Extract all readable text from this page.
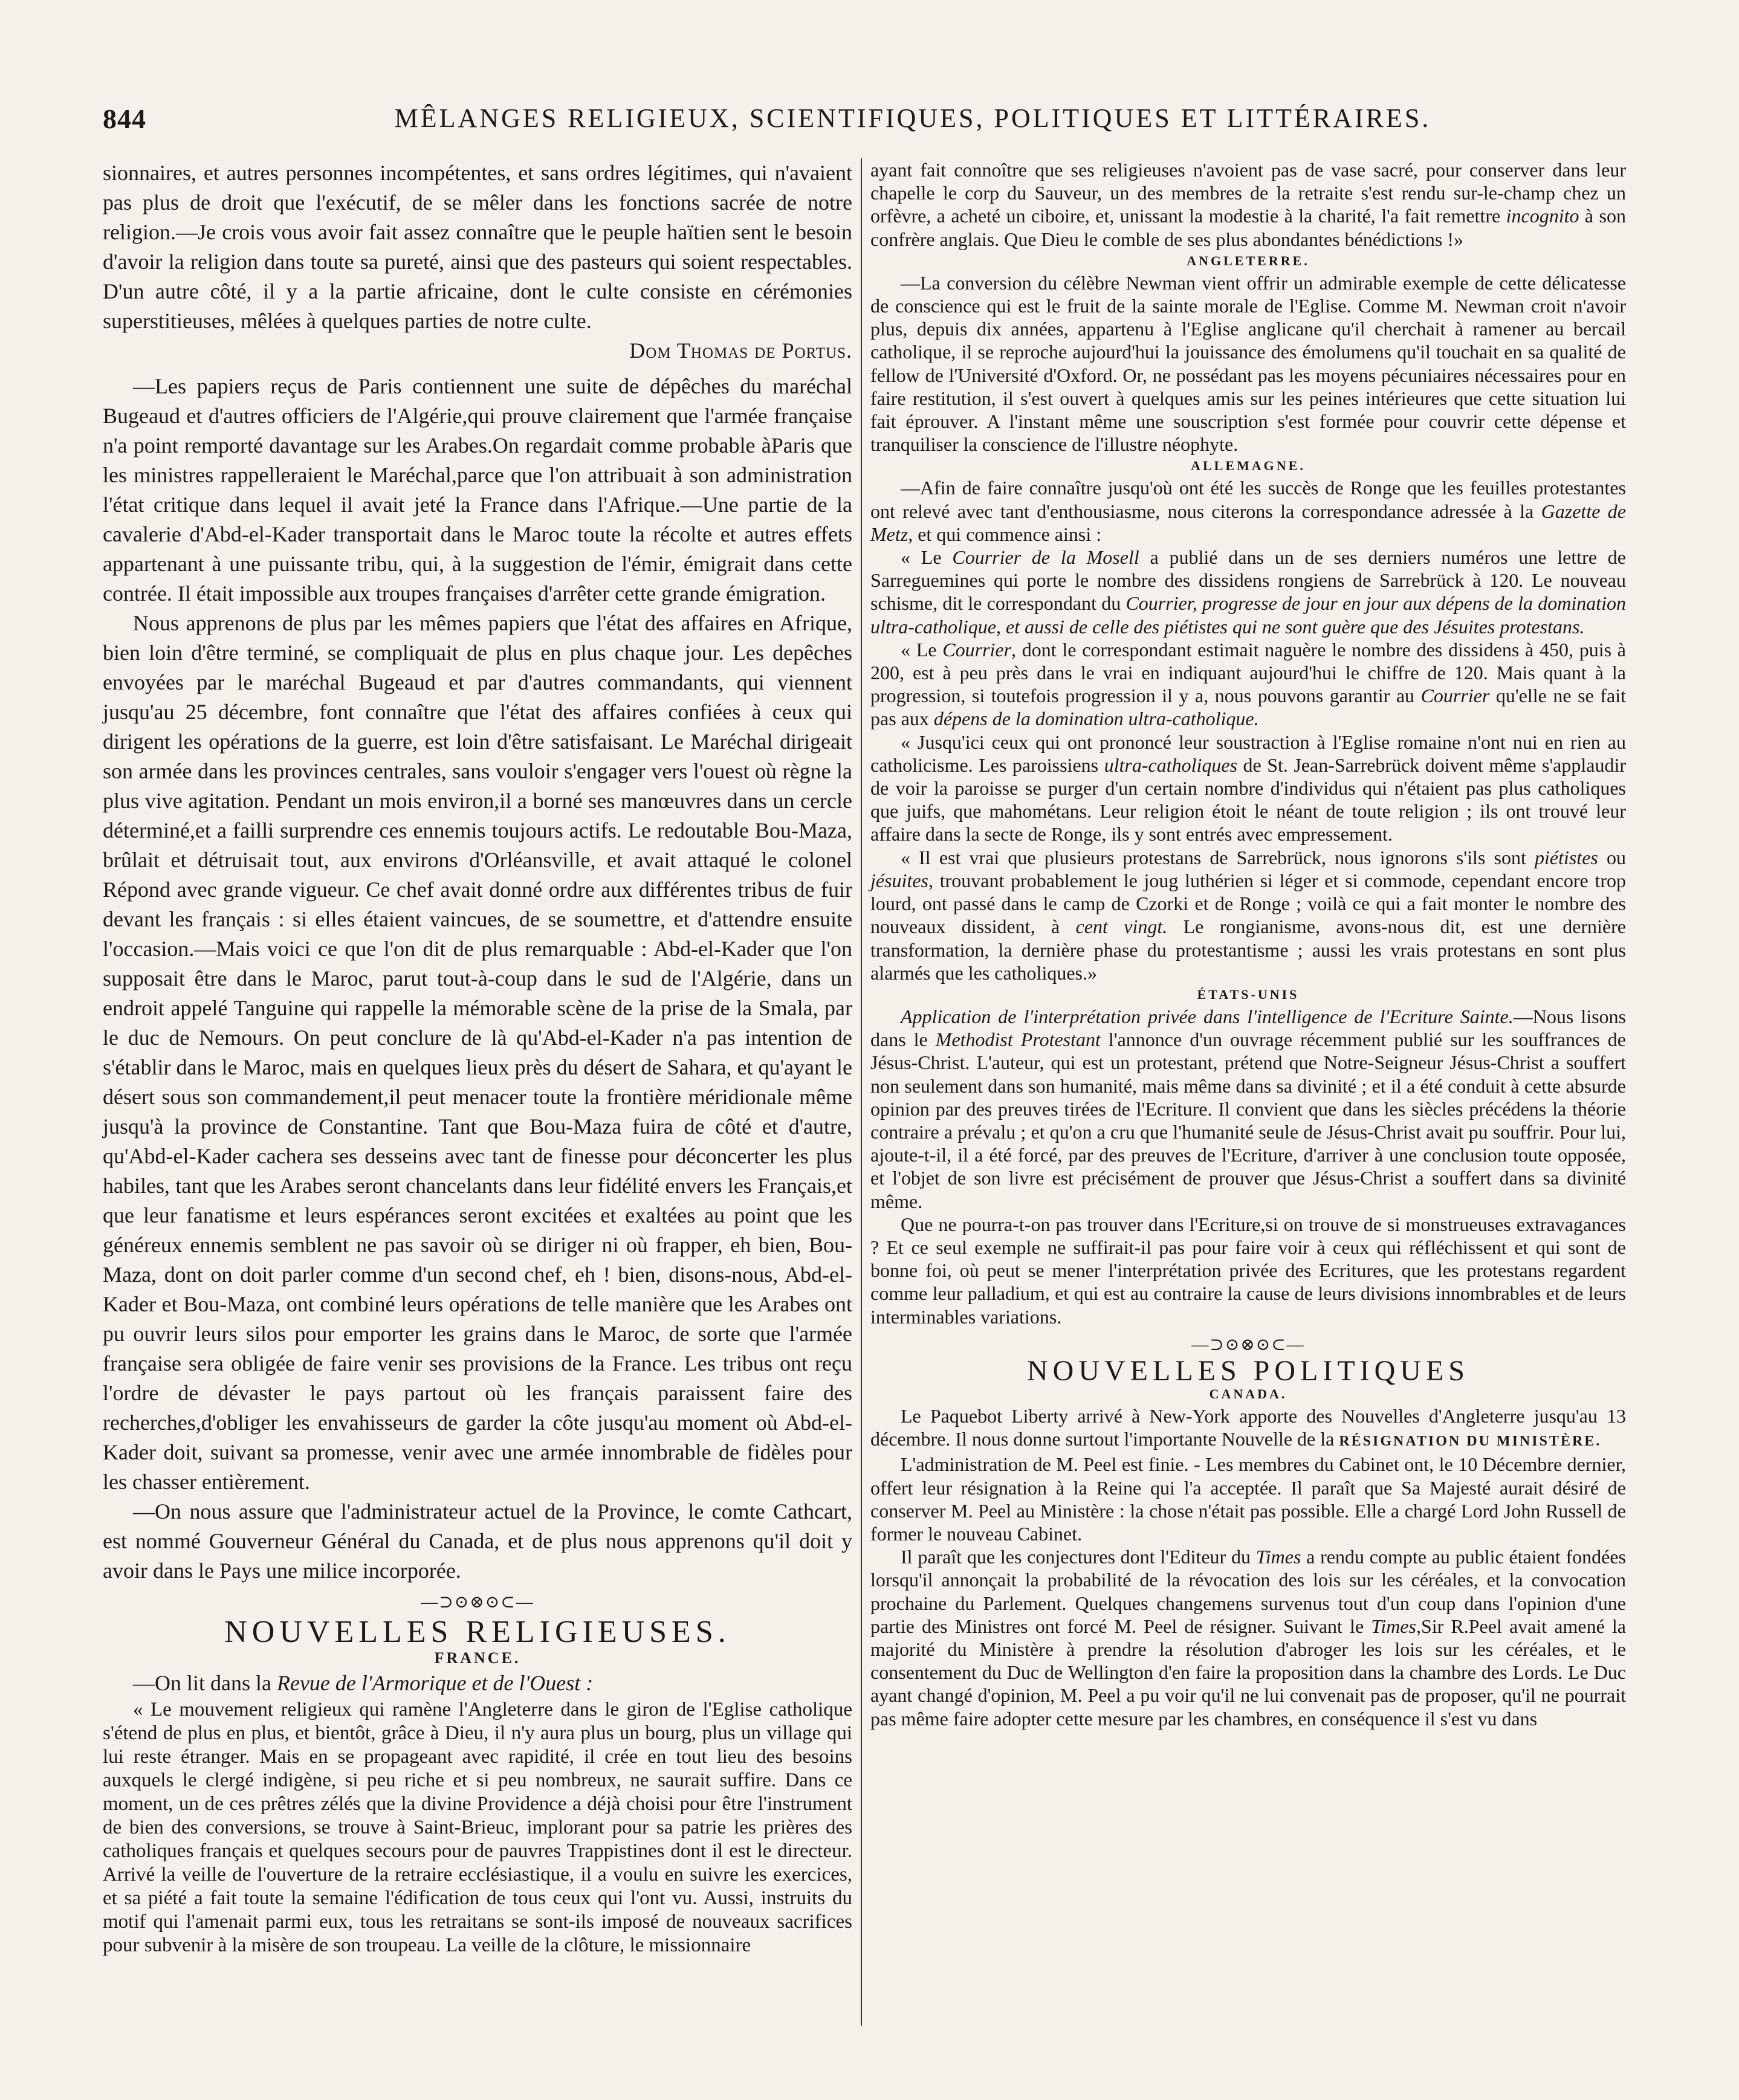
844	MÊLANGES RELIGIEUX, SCIENTIFIQUES, POLITIQUES ET LITTÉRAIRES.

sionnaires, et autres personnes incompétentes, et sans ordres légitimes, qui n'avaient pas plus de droit que l'exécutif, de se mêler dans les fonctions sacrée de notre religion.—Je crois vous avoir fait assez connaître que le peuple haïtien sent le besoin d'avoir la religion dans toute sa pureté, ainsi que des pasteurs qui soient respectables. D'un autre côté, il y a la partie africaine, dont le culte consiste en cérémonies superstitieuses, mêlées à quelques parties de notre culte.

Dom Thomas de Portus.

—Les papiers reçus de Paris contiennent une suite de dépêches du maréchal Bugeaud et d'autres officiers de l'Algérie,qui prouve clairement que l'armée française n'a point remporté davantage sur les Arabes.On regardait comme probable àParis que les ministres rappelleraient le Maréchal,parce que l'on attribuait à son administration l'état critique dans lequel il avait jeté la France dans l'Afrique.—Une partie de la cavalerie d'Abd-el-Kader transportait dans le Maroc toute la récolte et autres effets appartenant à une puissante tribu, qui, à la suggestion de l'émir, émigrait dans cette contrée. Il était impossible aux troupes françaises d'arrêter cette grande émigration.

Nous apprenons de plus par les mêmes papiers que l'état des affaires en Afrique, bien loin d'être terminé, se compliquait de plus en plus chaque jour. Les depêches envoyées par le maréchal Bugeaud et par d'autres commandants, qui viennent jusqu'au 25 décembre, font connaître que l'état des affaires confiées à ceux qui dirigent les opérations de la guerre, est loin d'être satisfaisant. Le Maréchal dirigeait son armée dans les provinces centrales, sans vouloir s'engager vers l'ouest où règne la plus vive agitation. Pendant un mois environ,il a borné ses manœuvres dans un cercle déterminé,et a failli surprendre ces ennemis toujours actifs. Le redoutable Bou-Maza, brûlait et détruisait tout, aux environs d'Orléansville, et avait attaqué le colonel Répond avec grande vigueur. Ce chef avait donné ordre aux différentes tribus de fuir devant les français : si elles étaient vaincues, de se soumettre, et d'attendre ensuite l'occasion.—Mais voici ce que l'on dit de plus remarquable : Abd-el-Kader que l'on supposait être dans le Maroc, parut tout-à-coup dans le sud de l'Algérie, dans un endroit appelé Tanguine qui rappelle la mémorable scène de la prise de la Smala, par le duc de Nemours. On peut conclure de là qu'Abd-el-Kader n'a pas intention de s'établir dans le Maroc, mais en quelques lieux près du désert de Sahara, et qu'ayant le désert sous son commandement,il peut menacer toute la frontière méridionale même jusqu'à la province de Constantine. Tant que Bou-Maza fuira de côté et d'autre, qu'Abd-el-Kader cachera ses desseins avec tant de finesse pour déconcerter les plus habiles, tant que les Arabes seront chancelants dans leur fidélité envers les Français,et que leur fanatisme et leurs espérances seront excitées et exaltées au point que les généreux ennemis semblent ne pas savoir où se diriger ni où frapper, eh bien, Bou-Maza, dont on doit parler comme d'un second chef, eh ! bien, disons-nous, Abd-el-Kader et Bou-Maza, ont combiné leurs opérations de telle manière que les Arabes ont pu ouvrir leurs silos pour emporter les grains dans le Maroc, de sorte que l'armée française sera obligée de faire venir ses provisions de la France. Les tribus ont reçu l'ordre de dévaster le pays partout où les français paraissent faire des recherches,d'obliger les envahisseurs de garder la côte jusqu'au moment où Abd-el-Kader doit, suivant sa promesse, venir avec une armée innombrable de fidèles pour les chasser entièrement.

—On nous assure que l'administrateur actuel de la Province, le comte Cathcart, est nommé Gouverneur Général du Canada, et de plus nous apprenons qu'il doit y avoir dans le Pays une milice incorporée.

—⊃⊙⊗⊙⊂—
NOUVELLES RELIGIEUSES.
FRANCE.

—On lit dans la Revue de l'Armorique et de l'Ouest :

« Le mouvement religieux qui ramène l'Angleterre dans le giron de l'Eglise catholique s'étend de plus en plus, et bientôt, grâce à Dieu, il n'y aura plus un bourg, plus un village qui lui reste étranger. Mais en se propageant avec rapidité, il crée en tout lieu des besoins auxquels le clergé indigène, si peu riche et si peu nombreux, ne saurait suffire. Dans ce moment, un de ces prêtres zélés que la divine Providence a déjà choisi pour être l'instrument de bien des conversions, se trouve à Saint-Brieuc, implorant pour sa patrie les prières des catholiques français et quelques secours pour de pauvres Trappistines dont il est le directeur. Arrivé la veille de l'ouverture de la retraire ecclésiastique, il a voulu en suivre les exercices, et sa piété a fait toute la semaine l'édification de tous ceux qui l'ont vu. Aussi, instruits du motif qui l'amenait parmi eux, tous les retraitans se sont-ils imposé de nouveaux sacrifices pour subvenir à la misère de son troupeau. La veille de la clôture, le missionnaire

ayant fait connoître que ses religieuses n'avoient pas de vase sacré, pour conserver dans leur chapelle le corp du Sauveur, un des membres de la retraite s'est rendu sur-le-champ chez un orfèvre, a acheté un ciboire, et, unissant la modestie à la charité, l'a fait remettre incognito à son confrère anglais. Que Dieu le comble de ses plus abondantes bénédictions !»

ANGLETERRE.

—La conversion du célèbre Newman vient offrir un admirable exemple de cette délicatesse de conscience qui est le fruit de la sainte morale de l'Eglise. Comme M. Newman croit n'avoir plus, depuis dix années, appartenu à l'Eglise anglicane qu'il cherchait à ramener au bercail catholique, il se reproche aujourd'hui la jouissance des émolumens qu'il touchait en sa qualité de fellow de l'Université d'Oxford. Or, ne possédant pas les moyens pécuniaires nécessaires pour en faire restitution, il s'est ouvert à quelques amis sur les peines intérieures que cette situation lui fait éprouver. A l'instant même une souscription s'est formée pour couvrir cette dépense et tranquiliser la conscience de l'illustre néophyte.

ALLEMAGNE.

—Afin de faire connaître jusqu'où ont été les succès de Ronge que les feuilles protestantes ont relevé avec tant d'enthousiasme, nous citerons la correspondance adressée à la Gazette de Metz, et qui commence ainsi :

« Le Courrier de la Mosell a publié dans un de ses derniers numéros une lettre de Sarreguemines qui porte le nombre des dissidens rongiens de Sarrebrück à 120. Le nouveau schisme, dit le correspondant du Courrier, progresse de jour en jour aux dépens de la domination ultra-catholique, et aussi de celle des piétistes qui ne sont guère que des Jésuites protestans.

« Le Courrier, dont le correspondant estimait naguère le nombre des dissidens à 450, puis à 200, est à peu près dans le vrai en indiquant aujourd'hui le chiffre de 120. Mais quant à la progression, si toutefois progression il y a, nous pouvons garantir au Courrier qu'elle ne se fait pas aux dépens de la domination ultra-catholique.

« Jusqu'ici ceux qui ont prononcé leur soustraction à l'Eglise romaine n'ont nui en rien au catholicisme. Les paroissiens ultra-catholiques de St. Jean-Sarrebrück doivent même s'applaudir de voir la paroisse se purger d'un certain nombre d'individus qui n'étaient pas plus catholiques que juifs, que mahométans. Leur religion étoit le néant de toute religion ; ils ont trouvé leur affaire dans la secte de Ronge, ils y sont entrés avec empressement.

« Il est vrai que plusieurs protestans de Sarrebrück, nous ignorons s'ils sont piétistes ou jésuites, trouvant probablement le joug luthérien si léger et si commode, cependant encore trop lourd, ont passé dans le camp de Czorki et de Ronge ; voilà ce qui a fait monter le nombre des nouveaux dissident, à cent vingt. Le rongianisme, avons-nous dit, est une dernière transformation, la dernière phase du protestantisme ; aussi les vrais protestans en sont plus alarmés que les catholiques.»

ÉTATS-UNIS

Application de l'interprétation privée dans l'intelligence de l'Ecriture Sainte.—Nous lisons dans le Methodist Protestant l'annonce d'un ouvrage récemment publié sur les souffrances de Jésus-Christ. L'auteur, qui est un protestant, prétend que Notre-Seigneur Jésus-Christ a souffert non seulement dans son humanité, mais même dans sa divinité ; et il a été conduit à cette absurde opinion par des preuves tirées de l'Ecriture. Il convient que dans les siècles précédens la théorie contraire a prévalu ; et qu'on a cru que l'humanité seule de Jésus-Christ avait pu souffrir. Pour lui, ajoute-t-il, il a été forcé, par des preuves de l'Ecriture, d'arriver à une conclusion toute opposée, et l'objet de son livre est précisément de prouver que Jésus-Christ a souffert dans sa divinité même.

Que ne pourra-t-on pas trouver dans l'Ecriture,si on trouve de si monstrueuses extravagances ? Et ce seul exemple ne suffirait-il pas pour faire voir à ceux qui réfléchissent et qui sont de bonne foi, où peut se mener l'interprétation privée des Ecritures, que les protestans regardent comme leur palladium, et qui est au contraire la cause de leurs divisions innombrables et de leurs interminables variations.

—⊃⊙⊗⊙⊂—
NOUVELLES POLITIQUES
CANADA.

Le Paquebot Liberty arrivé à New-York apporte des Nouvelles d'Angleterre jusqu'au 13 décembre. Il nous donne surtout l'importante Nouvelle de la RÉSIGNATION DU MINISTÈRE.

L'administration de M. Peel est finie. - Les membres du Cabinet ont, le 10 Décembre dernier, offert leur résignation à la Reine qui l'a acceptée. Il paraît que Sa Majesté aurait désiré de conserver M. Peel au Ministère : la chose n'était pas possible. Elle a chargé Lord John Russell de former le nouveau Cabinet.

Il paraît que les conjectures dont l'Editeur du Times a rendu compte au public étaient fondées lorsqu'il annonçait la probabilité de la révocation des lois sur les céréales, et la convocation prochaine du Parlement. Quelques changemens survenus tout d'un coup dans l'opinion d'une partie des Ministres ont forcé M. Peel de résigner. Suivant le Times,Sir R.Peel avait amené la majorité du Ministère à prendre la résolution d'abroger les lois sur les céréales, et le consentement du Duc de Wellington d'en faire la proposition dans la chambre des Lords. Le Duc ayant changé d'opinion, M. Peel a pu voir qu'il ne lui convenait pas de proposer, qu'il ne pourrait pas même faire adopter cette mesure par les chambres, en conséquence il s'est vu dans
